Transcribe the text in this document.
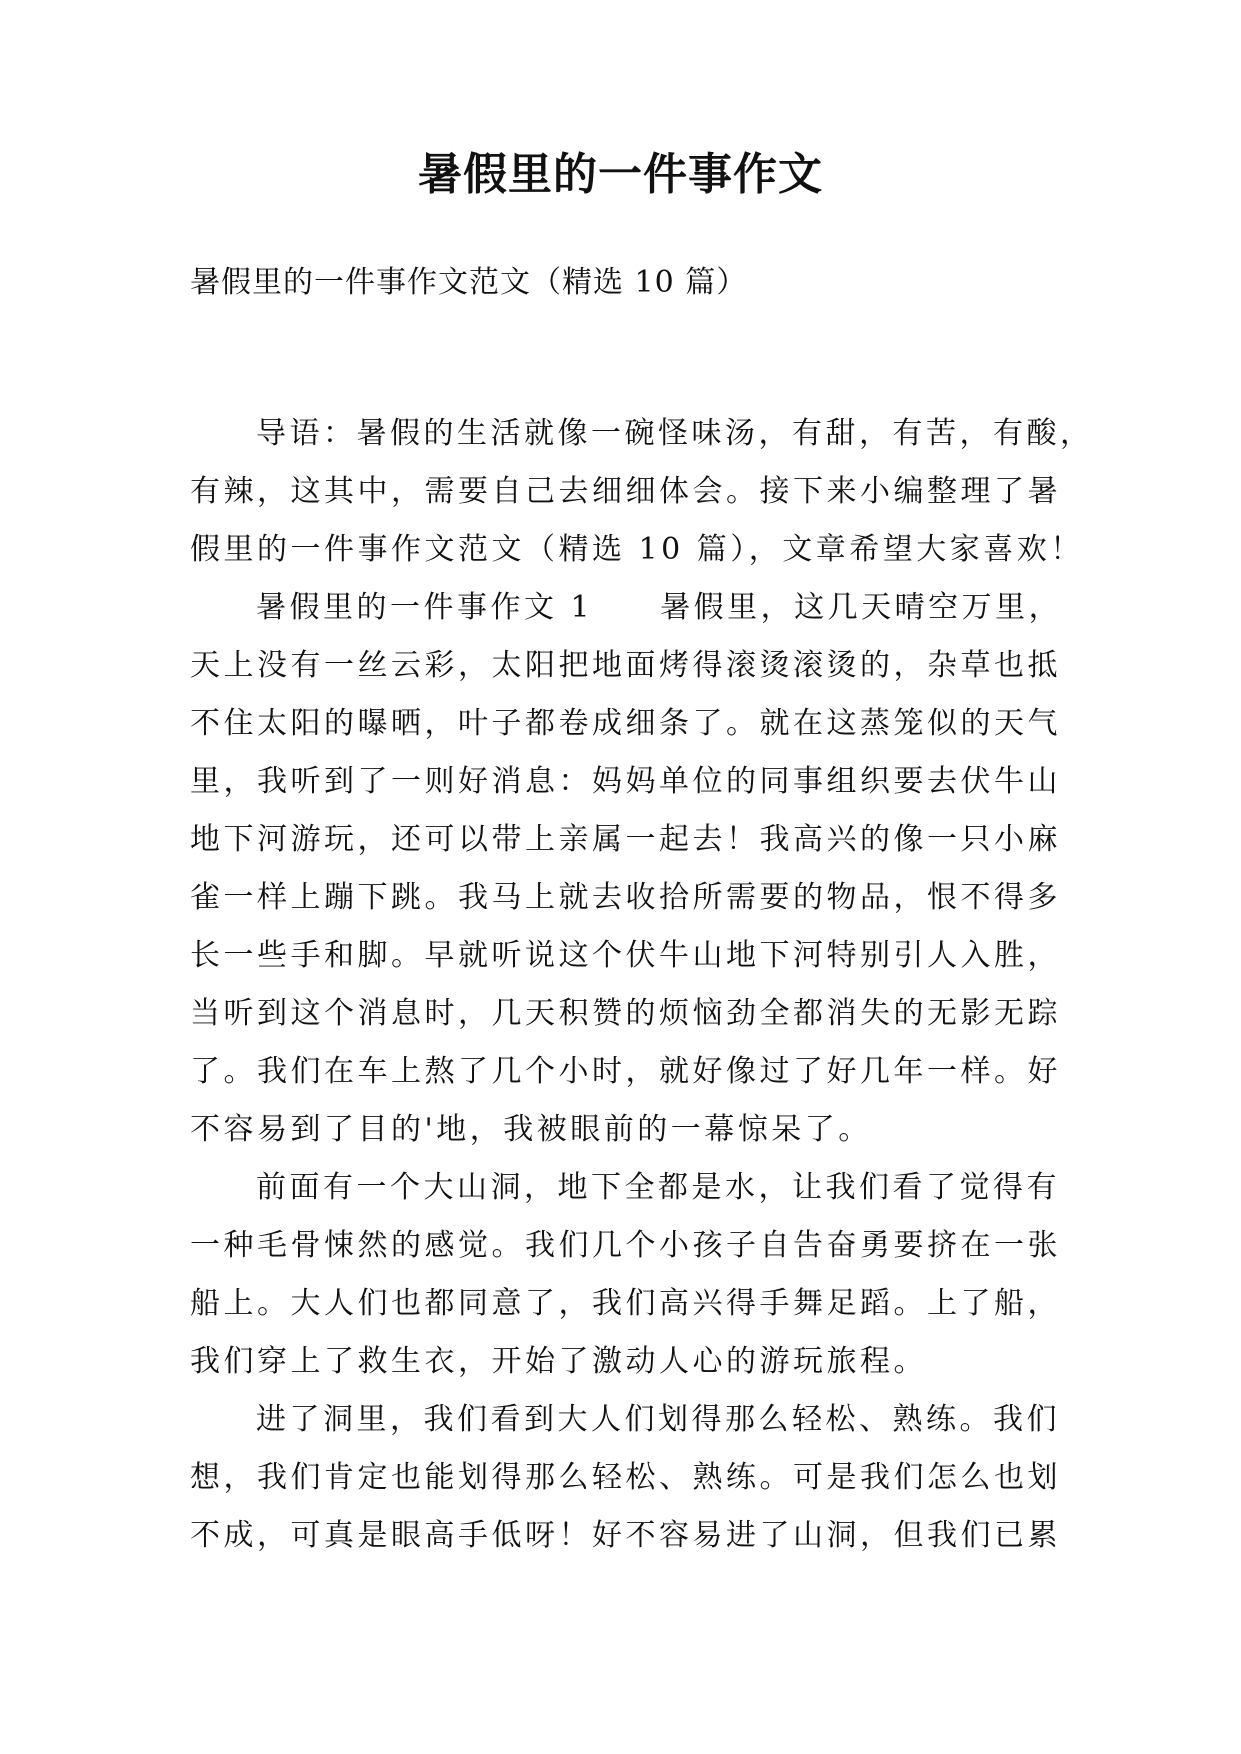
暑假里的一件事作文
暑假里的一件事作文范文（精选 10 篇）
导语：暑假的生活就像一碗怪味汤，有甜，有苦，有酸，
有辣，这其中，需要自己去细细体会。接下来小编整理了暑
假里的一件事作文范文（精选 10 篇），文章希望大家喜欢！
暑假里的一件事作文 1　　暑假里，这几天晴空万里，
天上没有一丝云彩，太阳把地面烤得滚烫滚烫的，杂草也抵
不住太阳的曝晒，叶子都卷成细条了。就在这蒸笼似的天气
里，我听到了一则好消息：妈妈单位的同事组织要去伏牛山
地下河游玩，还可以带上亲属一起去！我高兴的像一只小麻
雀一样上蹦下跳。我马上就去收拾所需要的物品，恨不得多
长一些手和脚。早就听说这个伏牛山地下河特别引人入胜，
当听到这个消息时，几天积赞的烦恼劲全都消失的无影无踪
了。我们在车上熬了几个小时，就好像过了好几年一样。好
不容易到了目的'地，我被眼前的一幕惊呆了。
前面有一个大山洞，地下全都是水，让我们看了觉得有
一种毛骨悚然的感觉。我们几个小孩子自告奋勇要挤在一张
船上。大人们也都同意了，我们高兴得手舞足蹈。上了船，
我们穿上了救生衣，开始了激动人心的游玩旅程。
进了洞里，我们看到大人们划得那么轻松、熟练。我们
想，我们肯定也能划得那么轻松、熟练。可是我们怎么也划
不成，可真是眼高手低呀！好不容易进了山洞，但我们已累
